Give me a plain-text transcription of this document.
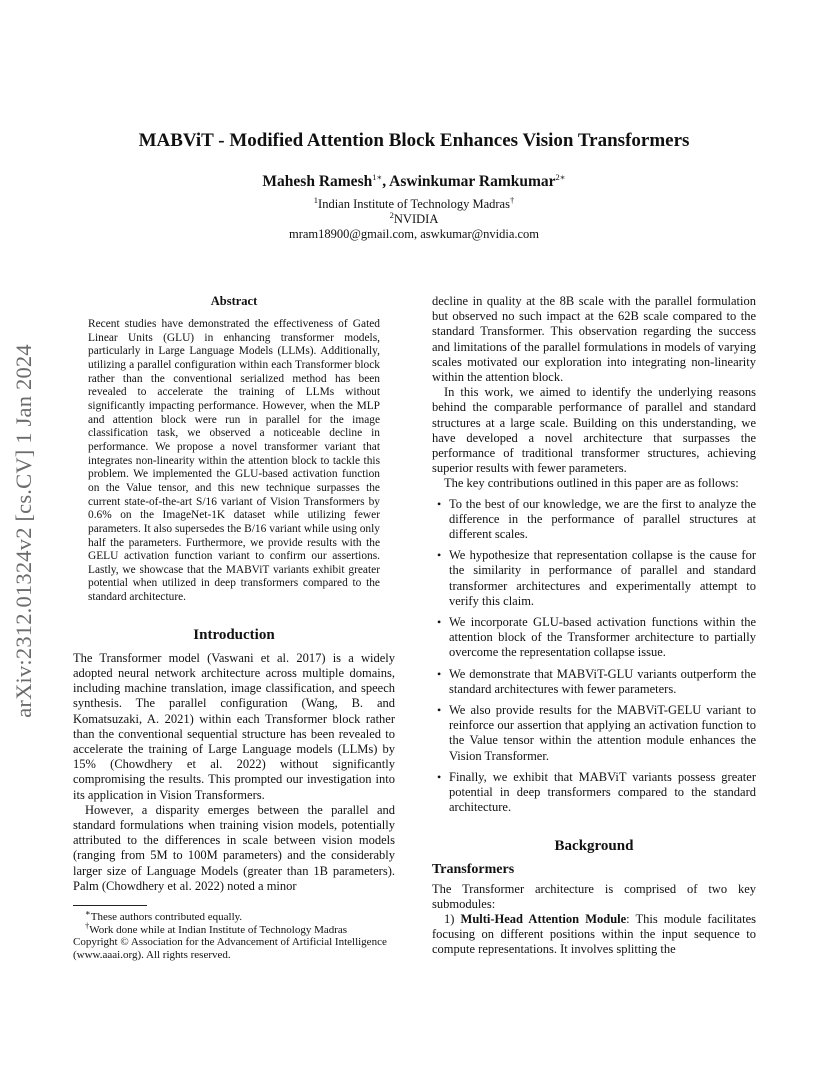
arXiv:2312.01324v2 [cs.CV] 1 Jan 2024
MABViT - Modified Attention Block Enhances Vision Transformers
Mahesh Ramesh$^{1∗}$, Aswinkumar Ramkumar$^{2∗}$
$^1$Indian Institute of Technology Madras†
$^2$NVIDIA
mram18900@gmail.com, aswkumar@nvidia.com
Abstract

Recent studies have demonstrated the effectiveness of Gated Linear Units (GLU) in enhancing transformer models, particularly in Large Language Models (LLMs). Additionally, utilizing a parallel configuration within each Transformer block rather than the conventional serialized method has been revealed to accelerate the training of LLMs without significantly impacting performance. However, when the MLP and attention block were run in parallel for the image classification task, we observed a noticeable decline in performance. We propose a novel transformer variant that integrates non-linearity within the attention block to tackle this problem. We implemented the GLU-based activation function on the Value tensor, and this new technique surpasses the current state-of-the-art S/16 variant of Vision Transformers by 0.6% on the ImageNet-1K dataset while utilizing fewer parameters. It also supersedes the B/16 variant while using only half the parameters. Furthermore, we provide results with the GELU activation function variant to confirm our assertions. Lastly, we showcase that the MABViT variants exhibit greater potential when utilized in deep transformers compared to the standard architecture.

Introduction

The Transformer model (Vaswani et al. 2017) is a widely adopted neural network architecture across multiple domains, including machine translation, image classification, and speech synthesis. The parallel configuration (Wang, B. and Komatsuzaki, A. 2021) within each Transformer block rather than the conventional sequential structure has been revealed to accelerate the training of Large Language models (LLMs) by 15% (Chowdhery et al. 2022) without significantly compromising the results. This prompted our investigation into its application in Vision Transformers.

However, a disparity emerges between the parallel and standard formulations when training vision models, potentially attributed to the differences in scale between vision models (ranging from 5M to 100M parameters) and the considerably larger size of Language Models (greater than 1B parameters). Palm (Chowdhery et al. 2022) noted a minor

∗These authors contributed equally.

†Work done while at Indian Institute of Technology Madras

Copyright © Association for the Advancement of Artificial Intelligence (www.aaai.org). All rights reserved.

decline in quality at the 8B scale with the parallel formulation but observed no such impact at the 62B scale compared to the standard Transformer. This observation regarding the success and limitations of the parallel formulations in models of varying scales motivated our exploration into integrating non-linearity within the attention block.

In this work, we aimed to identify the underlying reasons behind the comparable performance of parallel and standard structures at a large scale. Building on this understanding, we have developed a novel architecture that surpasses the performance of traditional transformer structures, achieving superior results with fewer parameters.

The key contributions outlined in this paper are as follows:

• To the best of our knowledge, we are the first to analyze the difference in the performance of parallel structures at different scales.
• We hypothesize that representation collapse is the cause for the similarity in performance of parallel and standard transformer architectures and experimentally attempt to verify this claim.
• We incorporate GLU-based activation functions within the attention block of the Transformer architecture to partially overcome the representation collapse issue.
• We demonstrate that MABViT-GLU variants outperform the standard architectures with fewer parameters.
• We also provide results for the MABViT-GELU variant to reinforce our assertion that applying an activation function to the Value tensor within the attention module enhances the Vision Transformer.
• Finally, we exhibit that MABViT variants possess greater potential in deep transformers compared to the standard architecture.
Background
Transformers

The Transformer architecture is comprised of two key submodules:

1) Multi-Head Attention Module: This module facilitates focusing on different positions within the input sequence to compute representations. It involves splitting the
